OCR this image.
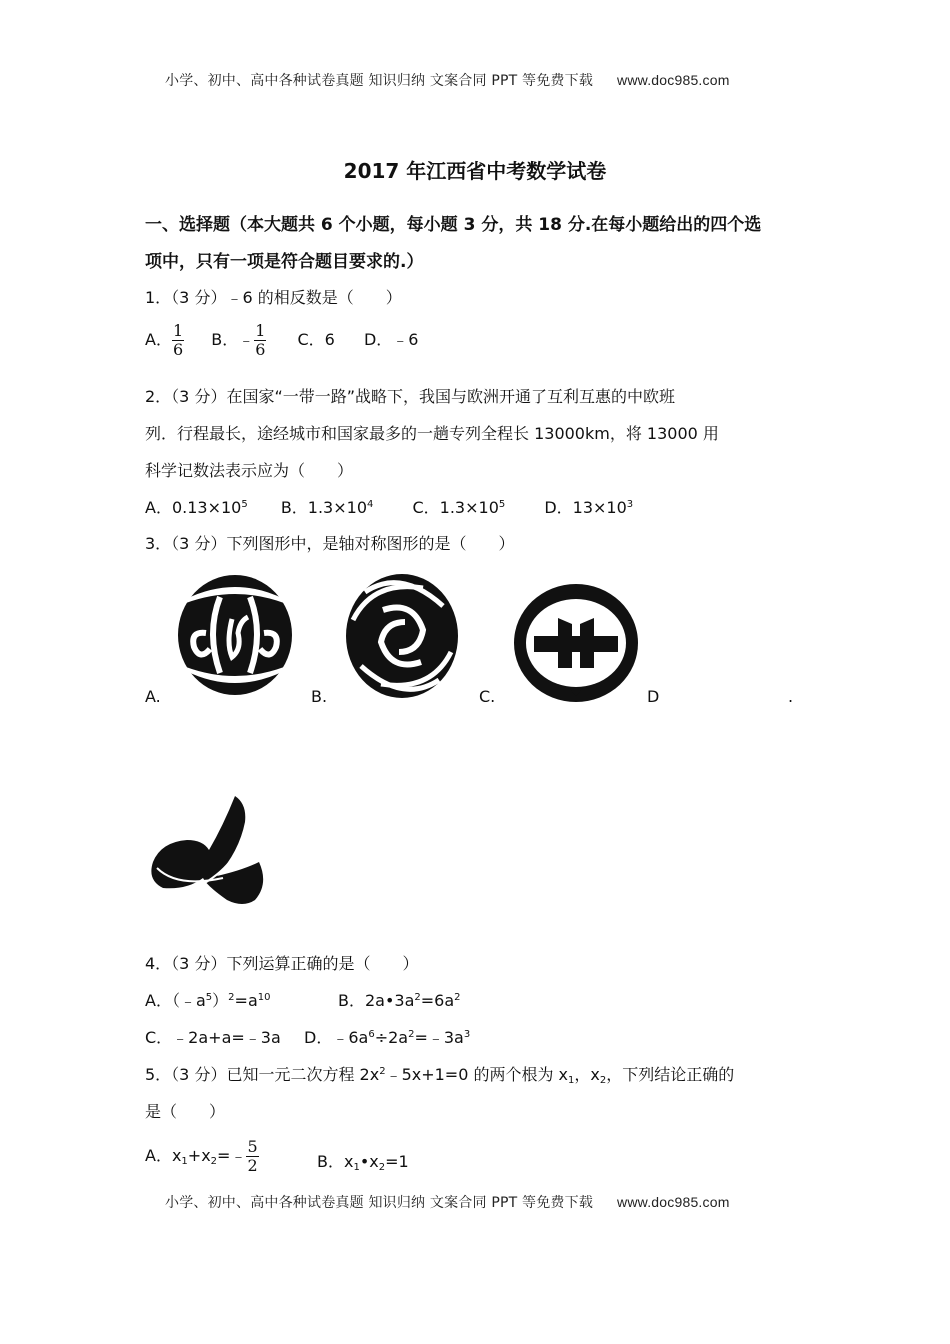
小学、初中、高中各种试卷真题 知识归纳 文案合同 PPT 等免费下载 www.doc985.com
2017 年江西省中考数学试卷
一、选择题（本大题共 6 个小题，每小题 3 分，共 18 分.在每小题给出的四个选
项中，只有一项是符合题目要求的.）
1．（3 分）﹣6 的相反数是（　　）
A． $\frac{1}{6}$ B．﹣ $\frac{1}{6}$ C．6 D．﹣6
2．（3 分）在国家“一带一路”战略下，我国与欧洲开通了互利互惠的中欧班
列．行程最长，途经城市和国家最多的一趟专列全程长 13000km，将 13000 用
科学记数法表示应为（　　）
A．$0.13\times 10^5$ B．$1.3\times 10^4$ C．$1.3\times 10^5$ D．$13\times 10^3$
3．（3 分）下列图形中，是轴对称图形的是（　　）
A.	B.	C.	D	.
4．（3 分）下列运算正确的是（　　）
A．$(﹣a^5)^2=a^{10}$	B．$2a•3a^2=6a^2$
C．﹣2a+a=﹣3a D．$﹣6a^6\div 2a^2=﹣3a^3$
5．（3 分）已知一元二次方程 $2x^2﹣5x+1=0$ 的两个根为 $x_1$，$x_2$，下列结论正确的
是（　　）
A．$x_1+x_2=﹣ \frac{5}{2}$	B．$x_1•x_2=1$
小学、初中、高中各种试卷真题 知识归纳 文案合同 PPT 等免费下载 www.doc985.com
